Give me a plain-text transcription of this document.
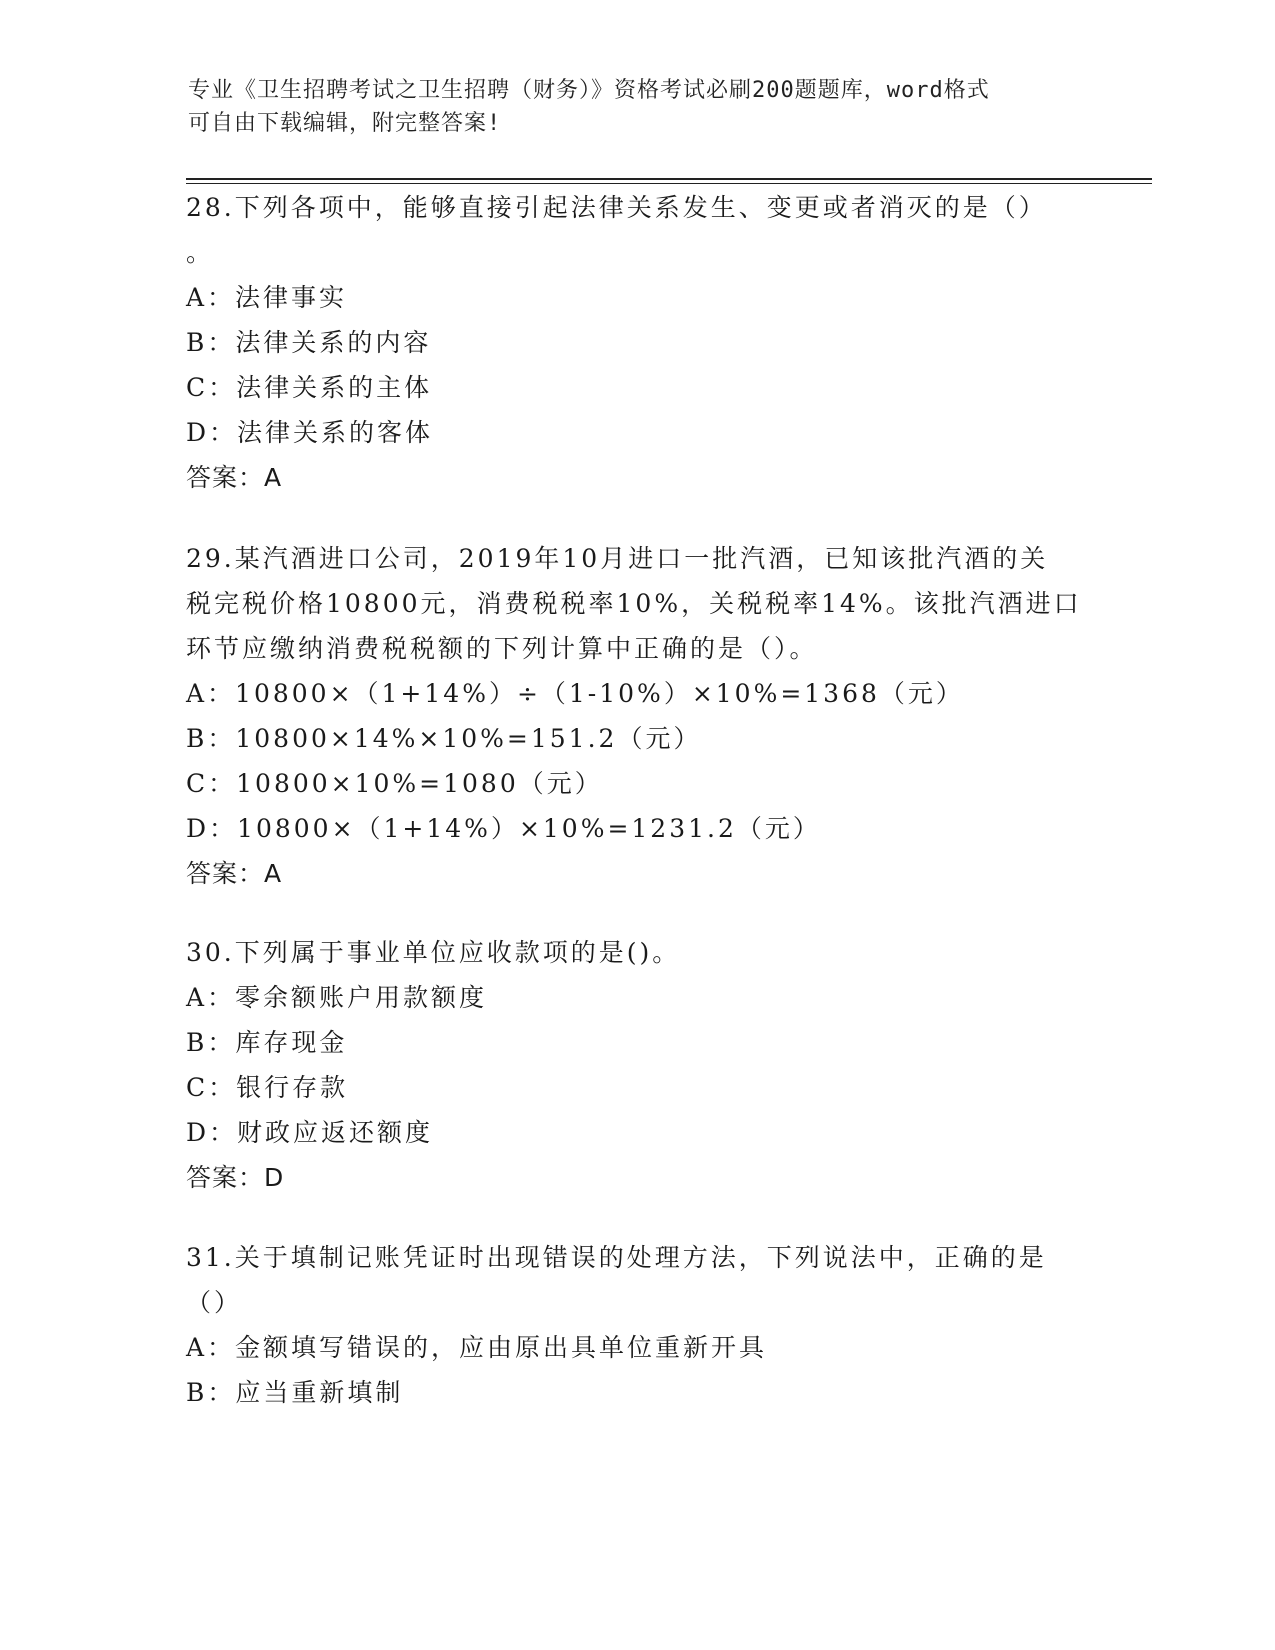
专业《卫生招聘考试之卫生招聘（财务）》资格考试必刷200题题库，word格式
可自由下载编辑，附完整答案!

28.下列各项中，能够直接引起法律关系发生、变更或者消灭的是（）

。

A：法律事实

B：法律关系的内容

C：法律关系的主体

D：法律关系的客体

答案：A

29.某汽酒进口公司，2019年10月进口一批汽酒，已知该批汽酒的关

税完税价格10800元，消费税税率10%，关税税率14%。该批汽酒进口

环节应缴纳消费税税额的下列计算中正确的是（）。

A：10800×（1+14%）÷（1-10%）×10%=1368（元）

B：10800×14%×10%=151.2（元）

C：10800×10%=1080（元）

D：10800×（1+14%）×10%=1231.2（元）

答案：A

30.下列属于事业单位应收款项的是()。

A：零余额账户用款额度

B：库存现金

C：银行存款

D：财政应返还额度

答案：D

31.关于填制记账凭证时出现错误的处理方法，下列说法中，正确的是

（）

A：金额填写错误的，应由原出具单位重新开具

B：应当重新填制
